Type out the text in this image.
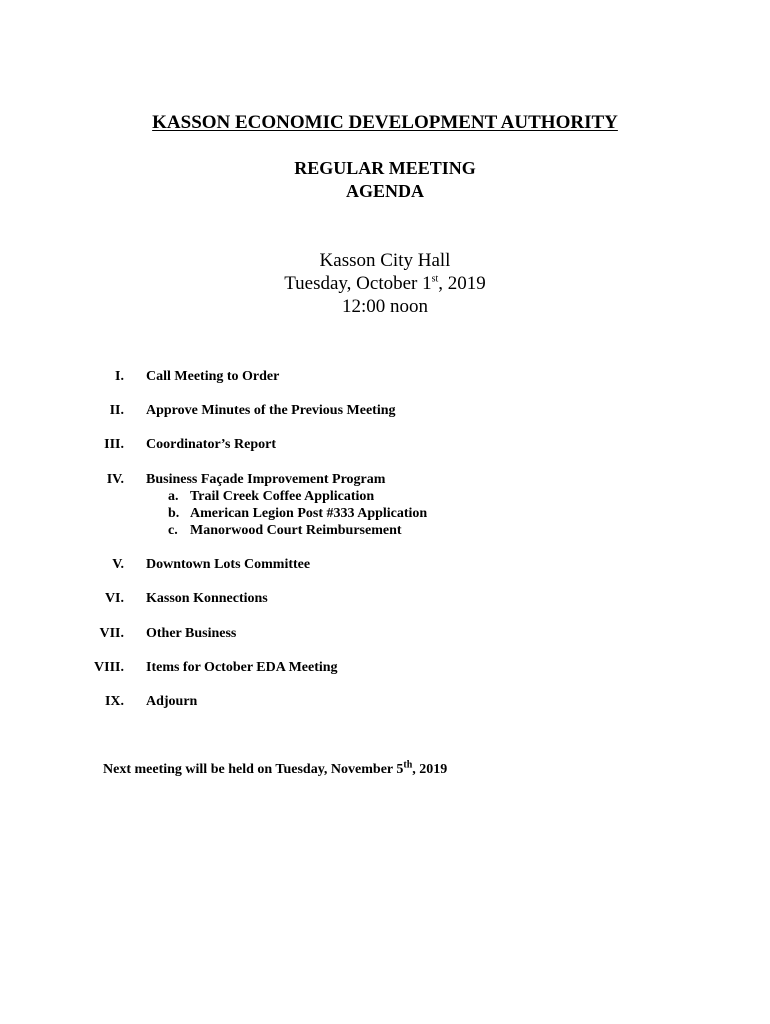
KASSON ECONOMIC DEVELOPMENT AUTHORITY
REGULAR MEETING
AGENDA
Kasson City Hall
Tuesday, October 1st, 2019
12:00 noon
I. Call Meeting to Order
II. Approve Minutes of the Previous Meeting
III. Coordinator’s Report
IV. Business Façade Improvement Program
a. Trail Creek Coffee Application
b. American Legion Post #333 Application
c. Manorwood Court Reimbursement
V. Downtown Lots Committee
VI. Kasson Konnections
VII. Other Business
VIII. Items for October EDA Meeting
IX. Adjourn
Next meeting will be held on Tuesday, November 5th, 2019
